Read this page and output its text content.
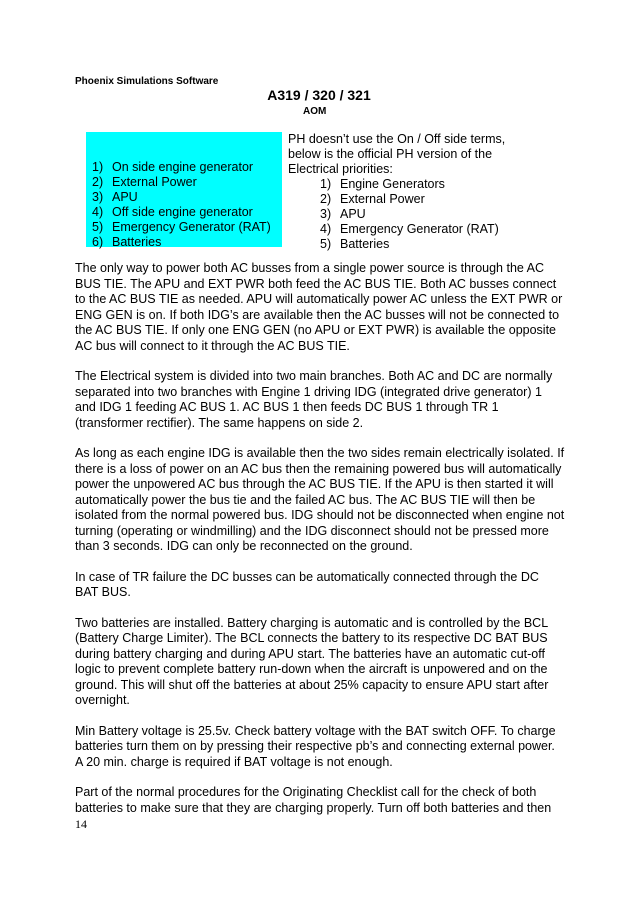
Phoenix Simulations Software
A319 / 320 / 321
AOM
1) On side engine generator
2) External Power
3) APU
4) Off side engine generator
5) Emergency Generator (RAT)
6) Batteries

PH doesn’t use the On / Off side terms,

below is the official PH version of the

Electrical priorities:

1) Engine Generators
2) External Power
3) APU
4) Emergency Generator (RAT)
5) Batteries

The only way to power both AC busses from a single power source is through the AC BUS TIE. The APU and EXT PWR both feed the AC BUS TIE. Both AC busses connect to the AC BUS TIE as needed. APU will automatically power AC unless the EXT PWR or ENG GEN is on. If both IDG’s are available then the AC busses will not be connected to the AC BUS TIE. If only one ENG GEN (no APU or EXT PWR) is available the opposite AC bus will connect to it through the AC BUS TIE.

The Electrical system is divided into two main branches. Both AC and DC are normally separated into two branches with Engine 1 driving IDG (integrated drive generator) 1 and IDG 1 feeding AC BUS 1. AC BUS 1 then feeds DC BUS 1 through TR 1 (transformer rectifier). The same happens on side 2.

As long as each engine IDG is available then the two sides remain electrically isolated. If there is a loss of power on an AC bus then the remaining powered bus will automatically power the unpowered AC bus through the AC BUS TIE. If the APU is then started it will automatically power the bus tie and the failed AC bus. The AC BUS TIE will then be isolated from the normal powered bus. IDG should not be disconnected when engine not turning (operating or windmilling) and the IDG disconnect should not be pressed more than 3 seconds. IDG can only be reconnected on the ground.

In case of TR failure the DC busses can be automatically connected through the DC BAT BUS.

Two batteries are installed. Battery charging is automatic and is controlled by the BCL (Battery Charge Limiter). The BCL connects the battery to its respective DC BAT BUS during battery charging and during APU start. The batteries have an automatic cut-off logic to prevent complete battery run-down when the aircraft is unpowered and on the ground. This will shut off the batteries at about 25% capacity to ensure APU start after overnight.

Min Battery voltage is 25.5v. Check battery voltage with the BAT switch OFF. To charge batteries turn them on by pressing their respective pb’s and connecting external power. A 20 min. charge is required if BAT voltage is not enough.

Part of the normal procedures for the Originating Checklist call for the check of both batteries to make sure that they are charging properly. Turn off both batteries and then

14
